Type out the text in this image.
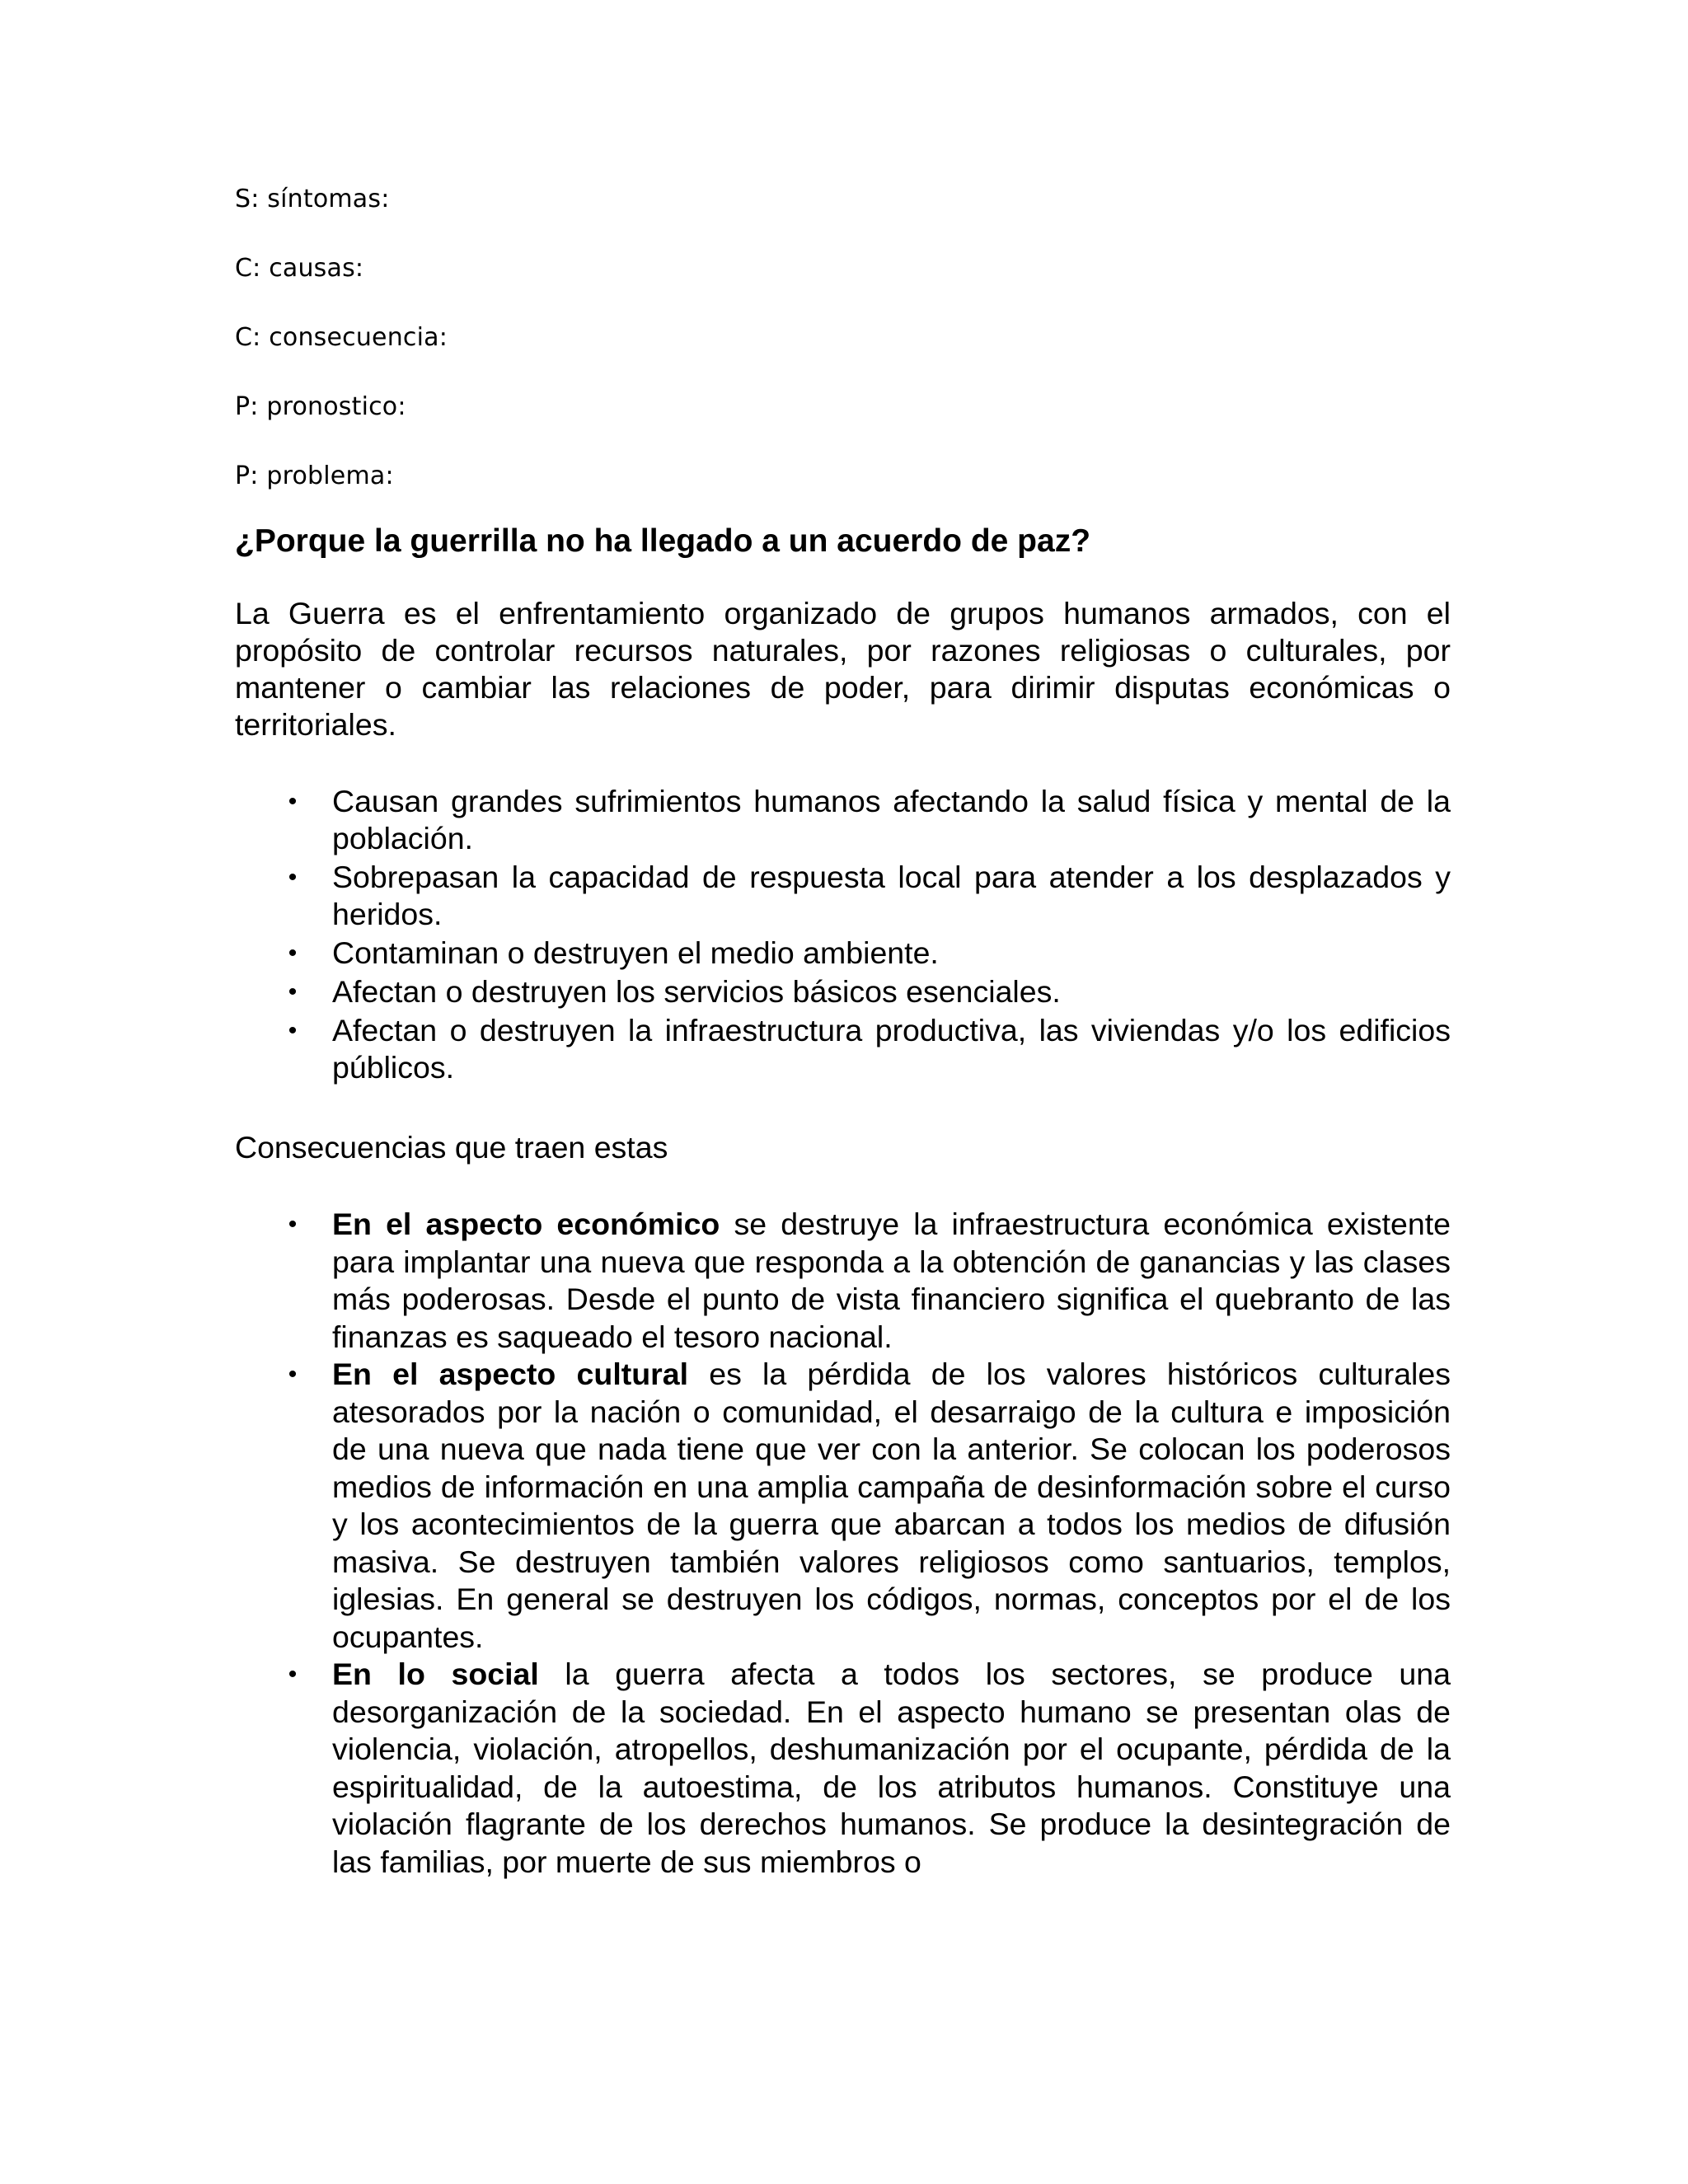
S: síntomas:

C: causas:

C: consecuencia:

P: pronostico:

P: problema:

¿Porque la guerrilla no ha llegado a un acuerdo de paz?

La Guerra es el enfrentamiento organizado de grupos humanos armados, con el propósito de controlar recursos naturales, por razones religiosas o culturales, por mantener o cambiar las relaciones de poder, para dirimir disputas económicas o territoriales.

• Causan grandes sufrimientos humanos afectando la salud física y mental de la población.
• Sobrepasan la capacidad de respuesta local para atender a los desplazados y heridos.
• Contaminan o destruyen el medio ambiente.
• Afectan o destruyen los servicios básicos esenciales.
• Afectan o destruyen la infraestructura productiva, las viviendas y/o los edificios públicos.

Consecuencias que traen estas

• En el aspecto económico se destruye la infraestructura económica existente para implantar una nueva que responda a la obtención de ganancias y las clases más poderosas. Desde el punto de vista financiero significa el quebranto de las finanzas es saqueado el tesoro nacional.
• En el aspecto cultural es la pérdida de los valores históricos culturales atesorados por la nación o comunidad, el desarraigo de la cultura e imposición de una nueva que nada tiene que ver con la anterior. Se colocan los poderosos medios de información en una amplia campaña de desinformación sobre el curso y los acontecimientos de la guerra que abarcan a todos los medios de difusión masiva. Se destruyen también valores religiosos como santuarios, templos, iglesias. En general se destruyen los códigos, normas, conceptos por el de los ocupantes.
• En lo social la guerra afecta a todos los sectores, se produce una desorganización de la sociedad. En el aspecto humano se presentan olas de violencia, violación, atropellos, deshumanización por el ocupante, pérdida de la espiritualidad, de la autoestima, de los atributos humanos. Constituye una violación flagrante de los derechos humanos. Se produce la desintegración de las familias, por muerte de sus miembros o
